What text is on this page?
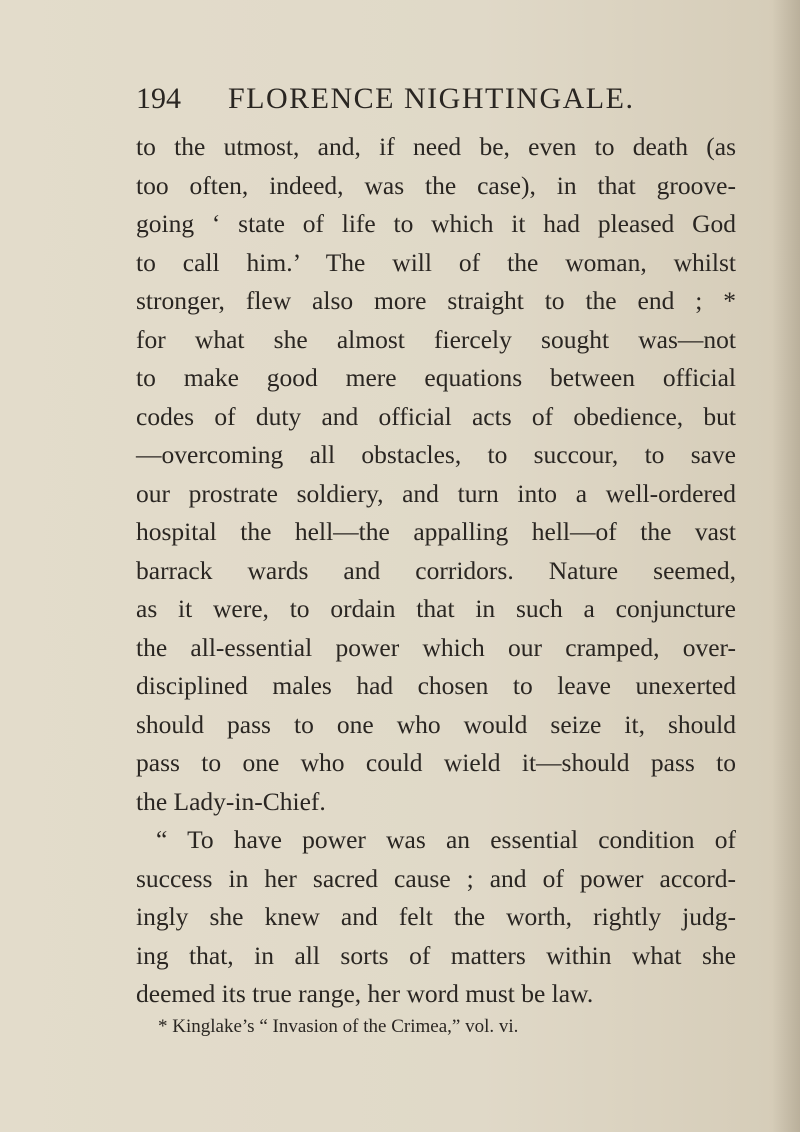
194 FLORENCE NIGHTINGALE.
to the utmost, and, if need be, even to death (as
too often, indeed, was the case), in that groove-
going ‘ state of life to which it had pleased God
to call him.’ The will of the woman, whilst
stronger, flew also more straight to the end ; *
for what she almost fiercely sought was—not
to make good mere equations between official
codes of duty and official acts of obedience, but
—overcoming all obstacles, to succour, to save
our prostrate soldiery, and turn into a well-ordered
hospital the hell—the appalling hell—of the vast
barrack wards and corridors. Nature seemed,
as it were, to ordain that in such a conjuncture
the all-essential power which our cramped, over-
disciplined males had chosen to leave unexerted
should pass to one who would seize it, should
pass to one who could wield it—should pass to
the Lady-in-Chief.
“ To have power was an essential condition of
success in her sacred cause ; and of power accord-
ingly she knew and felt the worth, rightly judg-
ing that, in all sorts of matters within what she
deemed its true range, her word must be law.
* Kinglake’s “ Invasion of the Crimea,” vol. vi.
